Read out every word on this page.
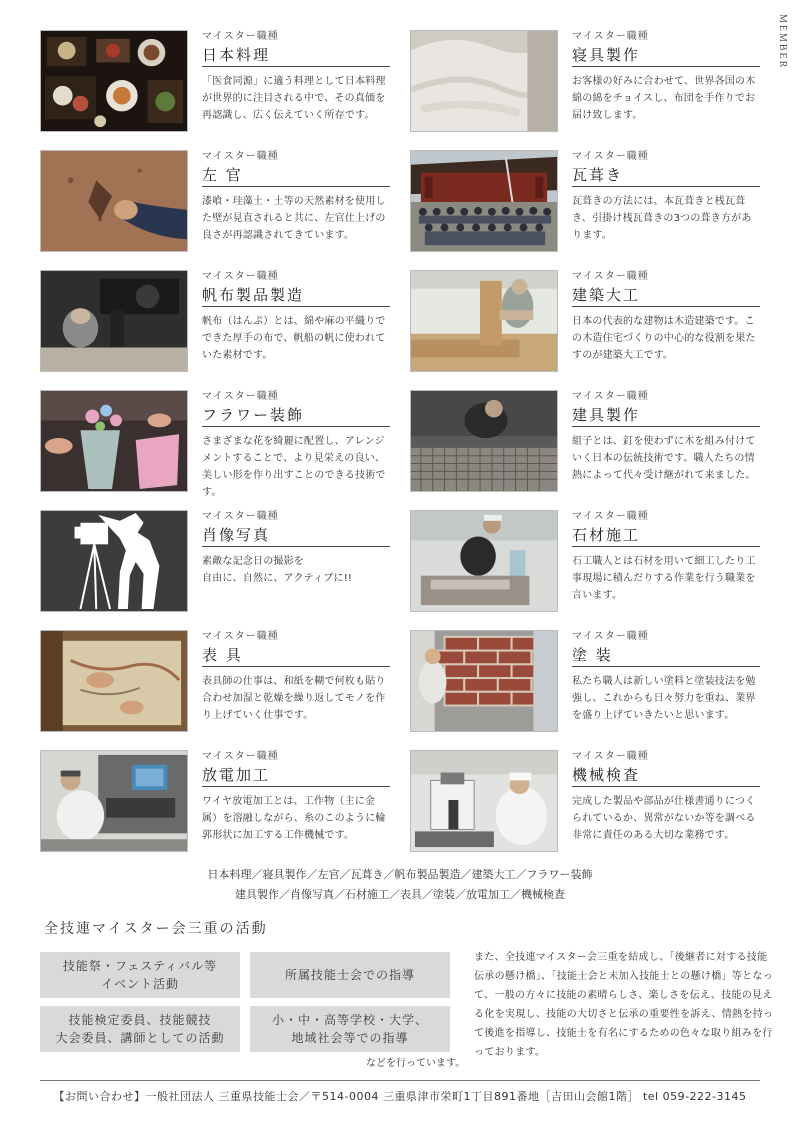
MEMBER
マイスター職種
日本料理
「医食同源」に適う料理として日本料理が世界的に注目される中で、その真価を再認識し、広く伝えていく所存です。
マイスター職種
寝具製作
お客様の好みに合わせて、世界各国の木綿の綿をチョイスし、布団を手作りでお届け致します。
マイスター職種
左 官
漆喰・珪藻土・土等の天然素材を使用した壁が見直されると共に、左官仕上げの良さが再認識されてきています。
マイスター職種
瓦葺き
瓦葺きの方法には、本瓦葺きと桟瓦葺き、引掛け桟瓦葺きの3つの葺き方があります。
マイスター職種
帆布製品製造
帆布（はんぷ）とは、綿や麻の平織りでできた厚手の布で、帆船の帆に使われていた素材です。
マイスター職種
建築大工
日本の代表的な建物は木造建築です。この木造住宅づくりの中心的な役割を果たすのが建築大工です。
マイスター職種
フラワー装飾
さまざまな花を綺麗に配置し、アレンジメントすることで、より見栄えの良い、美しい形を作り出すことのできる技術です。
マイスター職種
建具製作
組子とは、釘を使わずに木を組み付けていく日本の伝統技術です。職人たちの情熱によって代々受け継がれて来ました。
マイスター職種
肖像写真
素敵な記念日の撮影を
自由に、自然に、アクティブに!!
マイスター職種
石材施工
石工職人とは石材を用いて細工したり工事現場に積んだりする作業を行う職業を言います。
マイスター職種
表 具
表具師の仕事は、和紙を糊で何枚も貼り合わせ加湿と乾燥を繰り返してモノを作り上げていく仕事です。
マイスター職種
塗 装
私たち職人は新しい塗料と塗装技法を勉強し、これからも日々努力を重ね、業界を盛り上げていきたいと思います。
マイスター職種
放電加工
ワイヤ放電加工とは、工作物（主に金属）を溶融しながら、糸のこのように輪郭形状に加工する工作機械です。
マイスター職種
機械検査
完成した製品や部品が仕様書通りにつくられているか、異常がないか等を調べる非常に責任のある大切な業務です。
日本料理／寝具製作／左官／瓦葺き／帆布製品製造／建築大工／フラワー装飾
建具製作／肖像写真／石材施工／表具／塗装／放電加工／機械検査
全技連マイスター会三重の活動
技能祭・フェスティバル等
イベント活動
所属技能士会での指導
技能検定委員、技能競技
大会委員、講師としての活動
小・中・高等学校・大学、
地域社会等での指導
などを行っています。
また、全技連マイスター会三重を結成し、「後継者に対する技能伝承の懸け橋」、「技能士会と未加入技能士との懸け橋」等となって、一般の方々に技能の素晴らしさ、楽しさを伝え、技能の見える化を実現し、技能の大切さと伝承の重要性を訴え、情熱を持って後進を指導し、技能士を有名にするための色々な取り組みを行っております。
【お問い合わせ】一般社団法人 三重県技能士会／〒514-0004 三重県津市栄町1丁目891番地［吉田山会館1階］ tel 059-222-3145
